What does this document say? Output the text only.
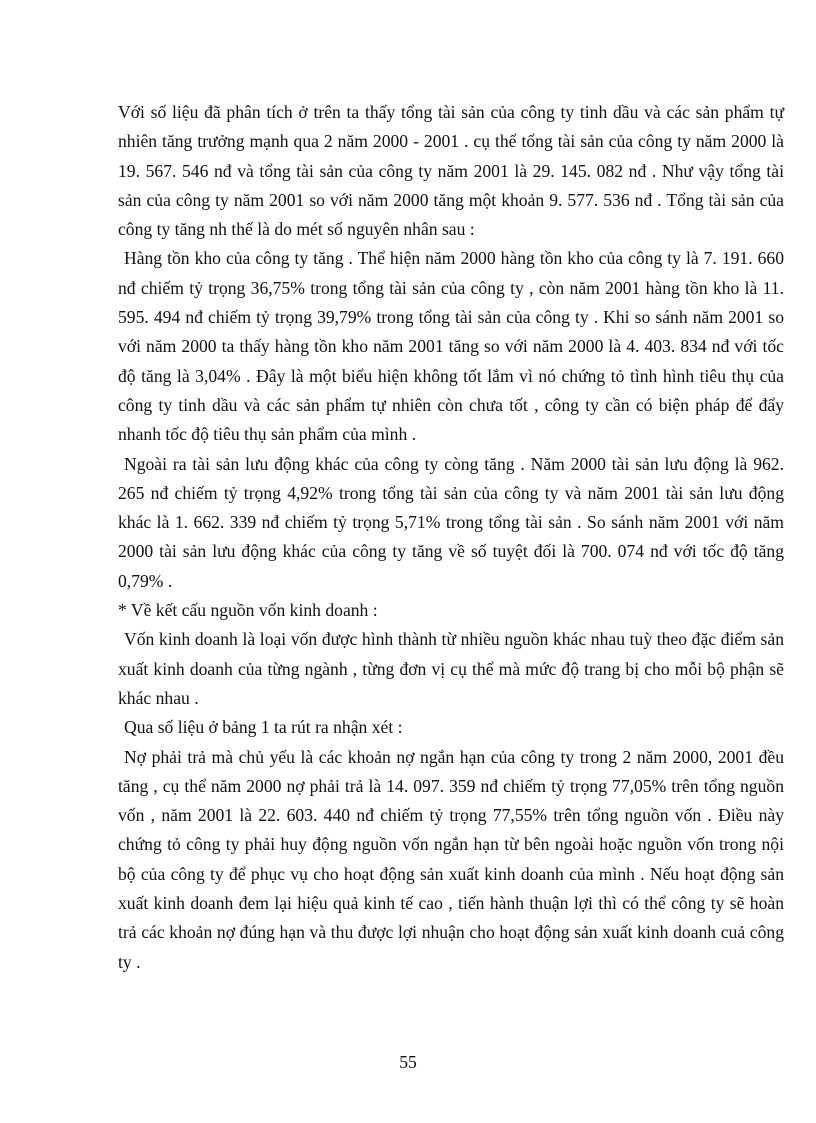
Với số liệu đã phân tích ở trên ta thấy tổng tài sản của công ty tinh dầu và các sản phẩm tự nhiên tăng trưởng mạnh qua 2 năm 2000 - 2001 . cụ thể tổng tài sản của công ty năm 2000 là 19. 567. 546 nđ và tổng tài sản của công ty năm 2001 là 29. 145. 082 nđ . Như vậy tổng tài sản của công ty năm 2001 so với năm 2000 tăng một khoản 9. 577. 536 nđ . Tổng tài sản của công ty tăng nh thế là do mét số nguyên nhân sau :

Hàng tồn kho của công ty tăng . Thể hiện năm 2000 hàng tồn kho của công ty là 7. 191. 660 nđ chiếm tỷ trọng 36,75% trong tổng tài sản của công ty , còn năm 2001 hàng tồn kho là 11. 595. 494 nđ chiếm tỷ trọng 39,79% trong tổng tài sản của công ty . Khi so sánh năm 2001 so với năm 2000 ta thấy hàng tồn kho năm 2001 tăng so với năm 2000 là 4. 403. 834 nđ với tốc độ tăng là 3,04% . Đây là một biểu hiện không tốt lắm vì nó chứng tỏ tình hình tiêu thụ của công ty tinh dầu và các sản phẩm tự nhiên còn chưa tốt , công ty cần có biện pháp để đẩy nhanh tốc độ tiêu thụ sản phẩm của mình .

Ngoài ra tài sản lưu động khác của công ty còng tăng . Năm 2000 tài sản lưu động là 962. 265 nđ chiếm tỷ trọng 4,92% trong tổng tài sản của công ty và năm 2001 tài sản lưu động khác là 1. 662. 339 nđ chiếm tỷ trọng 5,71% trong tổng tài sản . So sánh năm 2001 với năm 2000 tài sản lưu động khác của công ty tăng về số tuyệt đối là 700. 074 nđ với tốc độ tăng 0,79% .

* Về kết cấu nguồn vốn kinh doanh :

Vốn kinh doanh là loại vốn được hình thành từ nhiều nguồn khác nhau tuỳ theo đặc điểm sản xuất kinh doanh của từng ngành , từng đơn vị cụ thể mà mức độ trang bị cho mỗi bộ phận sẽ khác nhau .

Qua số liệu ở bảng 1 ta rút ra nhận xét :

Nợ phải trả mà chủ yếu là các khoản nợ ngắn hạn của công ty trong 2 năm 2000, 2001 đều tăng , cụ thể năm 2000 nợ phải trả là 14. 097. 359 nđ chiếm tỷ trọng 77,05% trên tổng nguồn vốn , năm 2001 là 22. 603. 440 nđ chiếm tỷ trọng 77,55% trên tổng nguồn vốn . Điều này chứng tỏ công ty phải huy động nguồn vốn ngắn hạn từ bên ngoài hoặc nguồn vốn trong nội bộ của công ty để phục vụ cho hoạt động sản xuất kinh doanh của mình . Nếu hoạt động sản xuất kinh doanh đem lại hiệu quả kinh tế cao , tiến hành thuận lợi thì có thể công ty sẽ hoàn trả các khoản nợ đúng hạn và thu được lợi nhuận cho hoạt động sản xuất kinh doanh cuả công ty .

55
